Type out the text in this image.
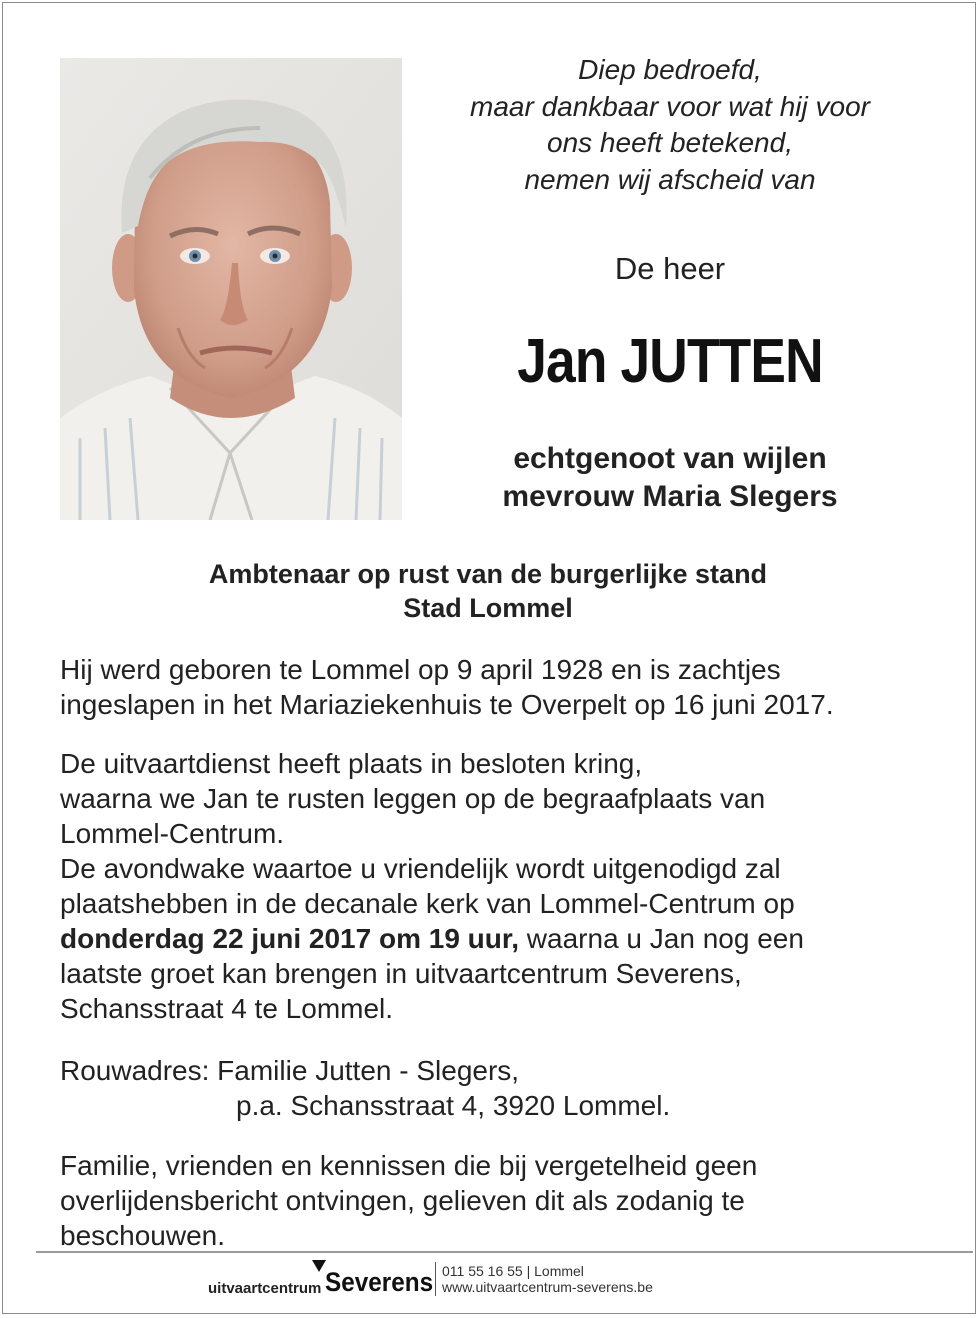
Diep bedroefd,
maar dankbaar voor wat hij voor
ons heeft betekend,
nemen wij afscheid van
De heer
Jan JUTTEN
echtgenoot van wijlen
mevrouw Maria Slegers
Ambtenaar op rust van de burgerlijke stand
Stad Lommel
Hij werd geboren te Lommel op 9 april 1928 en is zachtjes
ingeslapen in het Mariaziekenhuis te Overpelt op 16 juni 2017.
De uitvaartdienst heeft plaats in besloten kring,
waarna we Jan te rusten leggen op de begraafplaats van
Lommel-Centrum.
De avondwake waartoe u vriendelijk wordt uitgenodigd zal
plaatshebben in de decanale kerk van Lommel-Centrum op
donderdag 22 juni 2017 om 19 uur, waarna u Jan nog een
laatste groet kan brengen in uitvaartcentrum Severens,
Schansstraat 4 te Lommel.
Rouwadres: Familie Jutten - Slegers,
p.a. Schansstraat 4, 3920 Lommel.
Familie, vrienden en kennissen die bij vergetelheid geen
overlijdensbericht ontvingen, gelieven dit als zodanig te
beschouwen.
uitvaartcentrum Severens 011 55 16 55 | Lommel
www.uitvaartcentrum-severens.be
